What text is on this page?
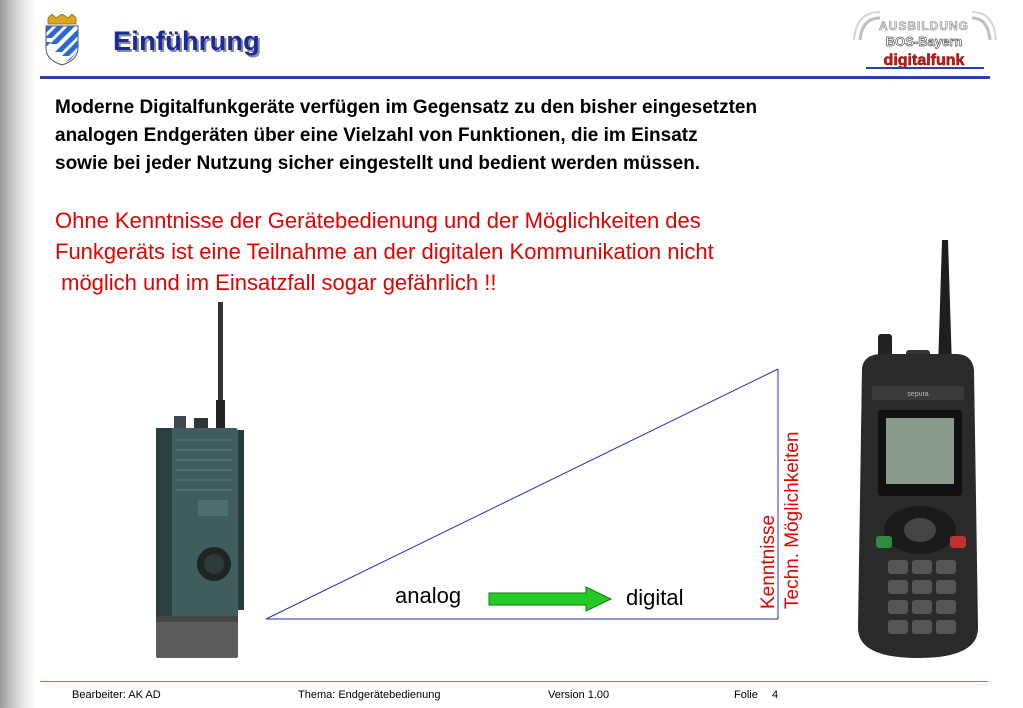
Einführung	AUSBILDUNG
BOS-Bayern
digitalfunk
Moderne Digitalfunkgeräte verfügen im Gegensatz zu den bisher eingesetzten
analogen Endgeräten über eine Vielzahl von Funktionen, die im Einsatz
sowie bei jeder Nutzung sicher eingestellt und bedient werden müssen.
Ohne Kenntnisse der Gerätebedienung und der Möglichkeiten des
Funkgeräts ist eine Teilnahme an der digitalen Kommunikation nicht
möglich und im Einsatzfall sogar gefährlich !!
sepura
analog	digital	Kenntnisse Techn. Möglichkeiten
Bearbeiter: AK AD	Thema: Endgerätebedienung	Version 1.00	Folie 4
